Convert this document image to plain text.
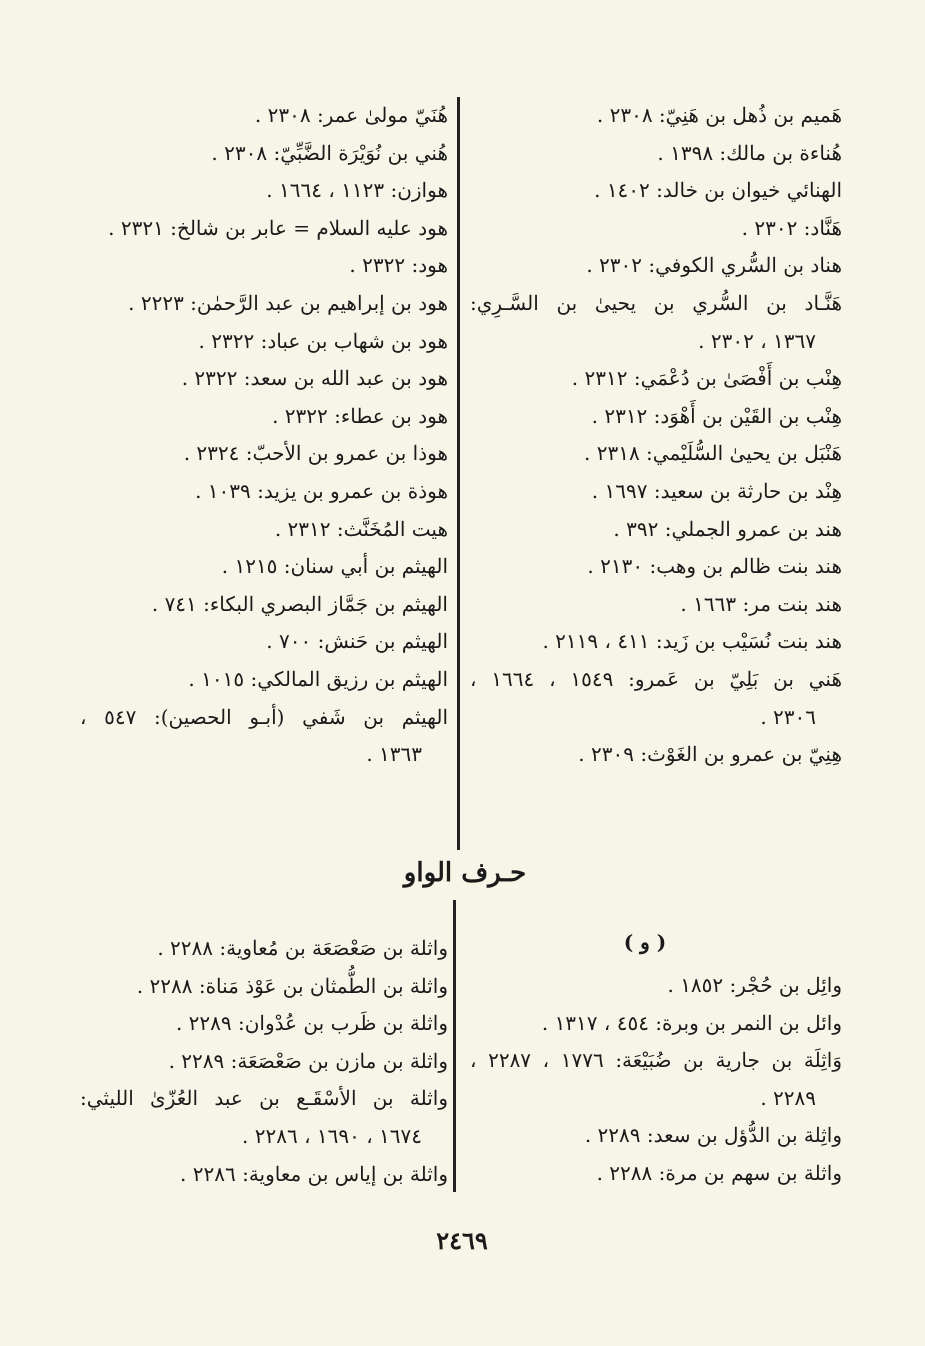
هَميم بن ذُهل بن هَنِيّ: ٢٣٠٨ .
هُناءة بن مالك: ١٣٩٨ .
الهنائي خيوان بن خالد: ١٤٠٢ .
هَنَّاد: ٢٣٠٢ .
هناد بن السُّري الكوفي: ٢٣٠٢ .
هَنَّـاد بن السُّري بن يحيىٰ بن السَّـرِي:
١٣٦٧ ، ٢٣٠٢ .
هِنْب بن أَفْصَىٰ بن دُعْمَي: ٢٣١٢ .
هِنْب بن القَيْن بن أَهْوَد: ٢٣١٢ .
هَنْبَل بن يحيىٰ السُّلَيْمي: ٢٣١٨ .
هِنْد بن حارثة بن سعيد: ١٦٩٧ .
هند بن عمرو الجملي: ٣٩٢ .
هند بنت ظالم بن وهب: ٢١٣٠ .
هند بنت مر: ١٦٦٣ .
هند بنت نُسَيْب بن زَيد: ٤١١ ، ٢١١٩ .
هَني بن بَلِيّ بن عَمرو: ١٥٤٩ ، ١٦٦٤ ،
٢٣٠٦ .
هِنِيّ بن عمرو بن الغَوْث: ٢٣٠٩ .
هُنَيّ مولىٰ عمر: ٢٣٠٨ .
هُني بن نُوَيْرَة الضَّبِّيّ: ٢٣٠٨ .
هوازن: ١١٢٣ ، ١٦٦٤ .
هود عليه السلام = عابر بن شالخ: ٢٣٢١ .
هود: ٢٣٢٢ .
هود بن إبراهيم بن عبد الرَّحمٰن: ٢٢٢٣ .
هود بن شهاب بن عباد: ٢٣٢٢ .
هود بن عبد الله بن سعد: ٢٣٢٢ .
هود بن عطاء: ٢٣٢٢ .
هوذا بن عمرو بن الأحبّ: ٢٣٢٤ .
هوذة بن عمرو بن يزيد: ١٠٣٩ .
هيت المُخَنَّث: ٢٣١٢ .
الهيثم بن أبي سنان: ١٢١٥ .
الهيثم بن جَمَّاز البصري البكاء: ٧٤١ .
الهيثم بن حَنش: ٧٠٠ .
الهيثم بن رزيق المالكي: ١٠١٥ .
الهيثم بن شَفي (أبـو الحصين): ٥٤٧ ،
١٣٦٣ .
حـرف الواو
( و )
وائِل بن حُجْر: ١٨٥٢ .
وائل بن النمر بن وبرة: ٤٥٤ ، ١٣١٧ .
وَاثِلَة بن جارية بن ضُبَيْعَة: ١٧٧٦ ، ٢٢٨٧ ،
٢٢٨٩ .
واثِلة بن الدُّؤل بن سعد: ٢٢٨٩ .
واثلة بن سهم بن مرة: ٢٢٨٨ .
واثلة بن صَعْصَعَة بن مُعاوية: ٢٢٨٨ .
واثلة بن الطُّمثان بن عَوْذ مَناة: ٢٢٨٨ .
واثلة بن ظَرب بن عُدْوان: ٢٢٨٩ .
واثلة بن مازن بن صَعْصَعَة: ٢٢٨٩ .
واثلة بن الأسْقَـع بن عبد العُزّىٰ الليثي:
١٦٧٤ ، ١٦٩٠ ، ٢٢٨٦ .
واثلة بن إياس بن معاوية: ٢٢٨٦ .
٢٤٦٩
